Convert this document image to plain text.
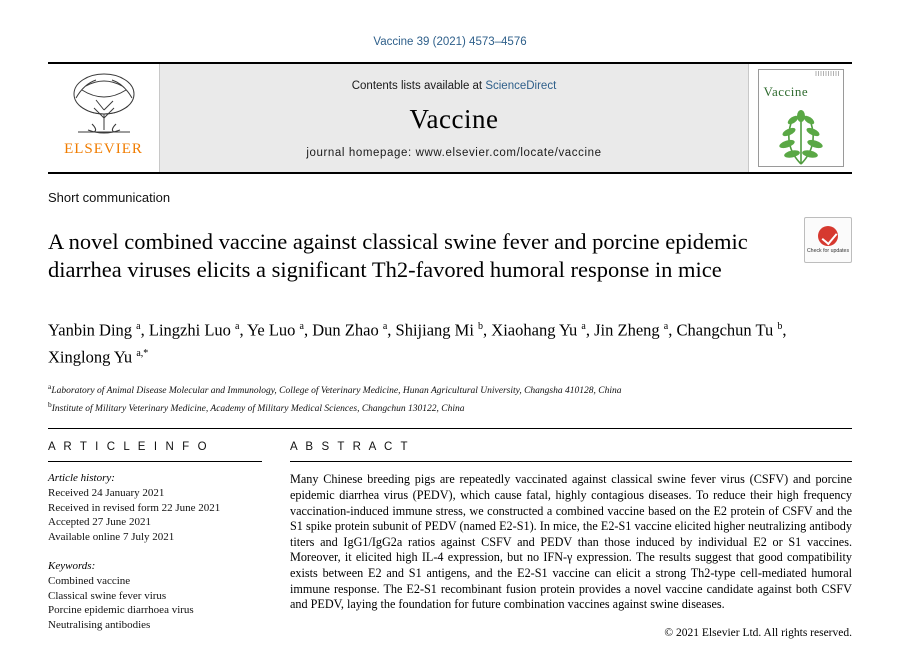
Vaccine 39 (2021) 4573–4576
ELSEVIER
Contents lists available at ScienceDirect
Vaccine
journal homepage: www.elsevier.com/locate/vaccine
||||||||||
Vaccine
Short communication
A novel combined vaccine against classical swine fever and porcine epidemic diarrhea viruses elicits a significant Th2-favored humoral response in mice
Check for updates
Yanbin Ding $^a$, Lingzhi Luo $^a$, Ye Luo $^a$, Dun Zhao $^a$, Shijiang Mi $^b$, Xiaohang Yu $^a$, Jin Zheng $^a$, Changchun Tu $^b$, Xinglong Yu $^{a,*}$
$^a$Laboratory of Animal Disease Molecular and Immunology, College of Veterinary Medicine, Hunan Agricultural University, Changsha 410128, China
$^b$Institute of Military Veterinary Medicine, Academy of Military Medical Sciences, Changchun 130122, China
A R T I C L E I N F O
Article history:
Received 24 January 2021
Received in revised form 22 June 2021
Accepted 27 June 2021
Available online 7 July 2021
Keywords:
Combined vaccine
Classical swine fever virus
Porcine epidemic diarrhoea virus
Neutralising antibodies
A B S T R A C T
Many Chinese breeding pigs are repeatedly vaccinated against classical swine fever virus (CSFV) and porcine epidemic diarrhea virus (PEDV), which cause fatal, highly contagious diseases. To reduce their high frequency vaccination-induced immune stress, we constructed a combined vaccine based on the E2 protein of CSFV and the S1 spike protein subunit of PEDV (named E2-S1). In mice, the E2-S1 vaccine elicited higher neutralizing antibody titers and IgG1/IgG2a ratios against CSFV and PEDV than those induced by individual E2 or S1 vaccines. Moreover, it elicited high IL-4 expression, but no IFN-γ expression. The results suggest that good compatibility exists between E2 and S1 antigens, and the E2-S1 vaccine can elicit a strong Th2-type cell-mediated humoral immune response. The E2-S1 recombinant fusion protein provides a novel vaccine candidate against both CSFV and PEDV, laying the foundation for future combination vaccines against swine diseases.
© 2021 Elsevier Ltd. All rights reserved.
